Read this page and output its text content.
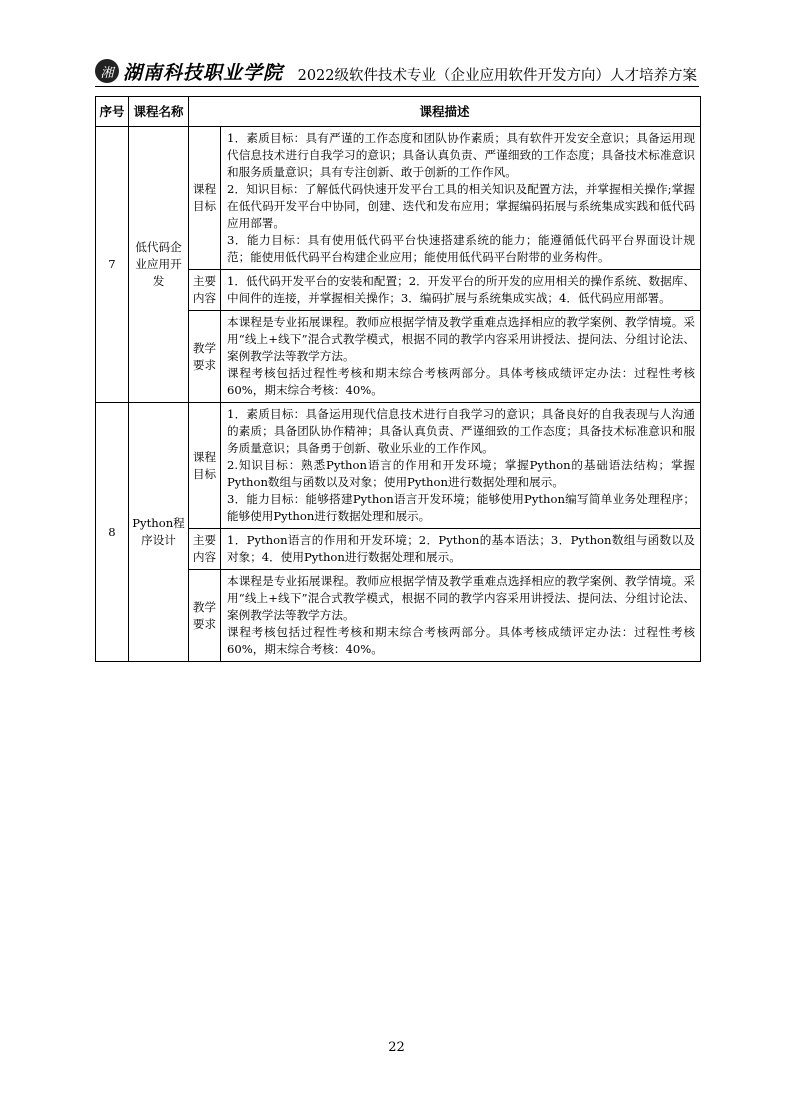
湘 湖南科技职业学院 2022级软件技术专业（企业应用软件开发方向）人才培养方案
序号	课程名称	课程描述	
7	低代码企业应用开发	课程目标	1．素质目标：具有严谨的工作态度和团队协作素质；具有软件开发安全意识；具备运用现代信息技术进行自我学习的意识；具备认真负责、严谨细致的工作态度；具备技术标准意识和服务质量意识；具有专注创新、敢于创新的工作作风。

2．知识目标：了解低代码快速开发平台工具的相关知识及配置方法，并掌握相关操作;掌握在低代码开发平台中协同，创建、迭代和发布应用；掌握编码拓展与系统集成实践和低代码应用部署。

3．能力目标：具有使用低代码平台快速搭建系统的能力；能遵循低代码平台界面设计规范；能使用低代码平台构建企业应用；能使用低代码平台附带的业务构件。

		主要内容	1．低代码开发平台的安装和配置；2．开发平台的所开发的应用相关的操作系统、数据库、中间件的连接，并掌握相关操作；3．编码扩展与系统集成实战；4．低代码应用部署。

		教学要求	本课程是专业拓展课程。教师应根据学情及教学重难点选择相应的教学案例、教学情境。采用“线上+线下”混合式教学模式，根据不同的教学内容采用讲授法、提问法、分组讨论法、案例教学法等教学方法。

课程考核包括过程性考核和期末综合考核两部分。具体考核成绩评定办法：过程性考核60%，期末综合考核：40%。

8	Python程序设计	课程目标	1．素质目标：具备运用现代信息技术进行自我学习的意识；具备良好的自我表现与人沟通的素质；具备团队协作精神；具备认真负责、严谨细致的工作态度；具备技术标准意识和服务质量意识；具备勇于创新、敬业乐业的工作作风。

2.知识目标：熟悉Python语言的作用和开发环境；掌握Python的基础语法结构；掌握Python数组与函数以及对象；使用Python进行数据处理和展示。

3．能力目标：能够搭建Python语言开发环境；能够使用Python编写简单业务处理程序；能够使用Python进行数据处理和展示。

		主要内容	1．Python语言的作用和开发环境；2．Python的基本语法；3．Python数组与函数以及对象；4．使用Python进行数据处理和展示。

		教学要求	本课程是专业拓展课程。教师应根据学情及教学重难点选择相应的教学案例、教学情境。采用“线上+线下”混合式教学模式，根据不同的教学内容采用讲授法、提问法、分组讨论法、案例教学法等教学方法。

课程考核包括过程性考核和期末综合考核两部分。具体考核成绩评定办法：过程性考核60%，期末综合考核：40%。

22
